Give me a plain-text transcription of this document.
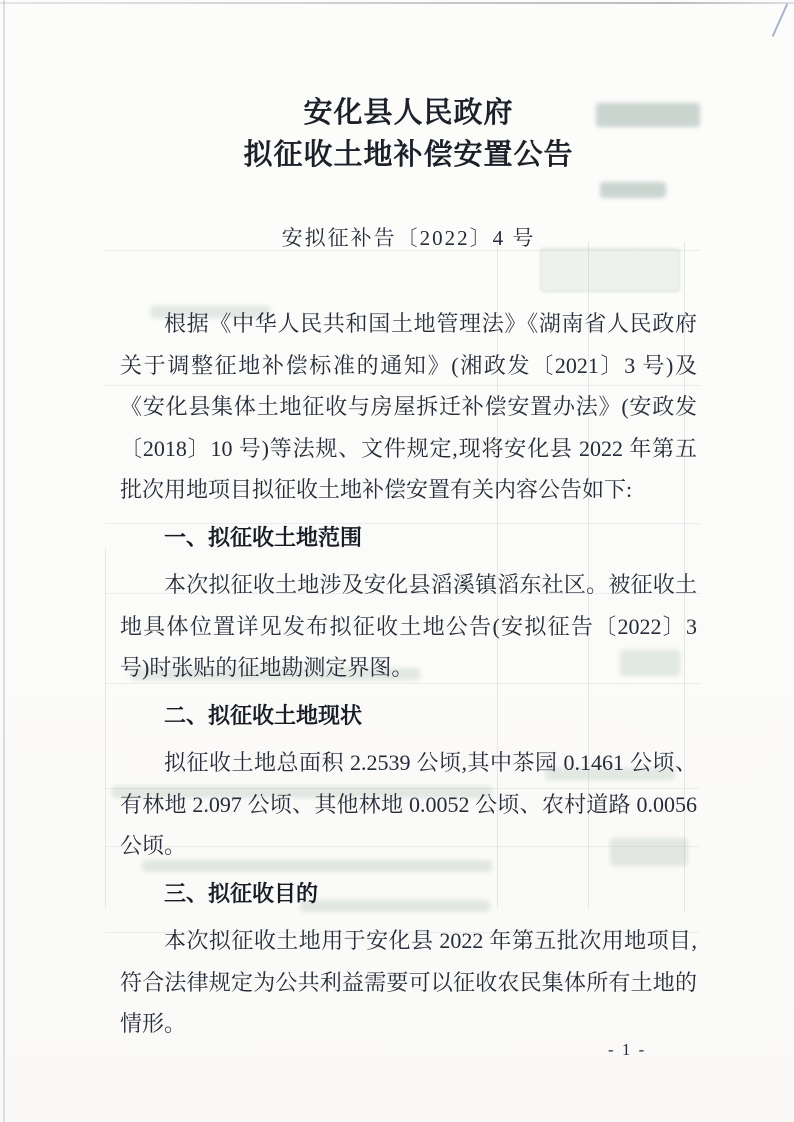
安化县人民政府
拟征收土地补偿安置公告
安拟征补告〔2022〕4 号

根据《中华人民共和国土地管理法》《湖南省人民政府关于调整征地补偿标准的通知》(湘政发〔2021〕3 号)及《安化县集体土地征收与房屋拆迁补偿安置办法》(安政发〔2018〕10 号)等法规、文件规定,现将安化县 2022 年第五批次用地项目拟征收土地补偿安置有关内容公告如下:

一、拟征收土地范围

本次拟征收土地涉及安化县滔溪镇滔东社区。被征收土地具体位置详见发布拟征收土地公告(安拟征告〔2022〕3 号)时张贴的征地勘测定界图。

二、拟征收土地现状

拟征收土地总面积 2.2539 公顷,其中茶园 0.1461 公顷、有林地 2.097 公顷、其他林地 0.0052 公顷、农村道路 0.0056 公顷。

三、拟征收目的

本次拟征收土地用于安化县 2022 年第五批次用地项目,符合法律规定为公共利益需要可以征收农民集体所有土地的情形。

- 1 -
